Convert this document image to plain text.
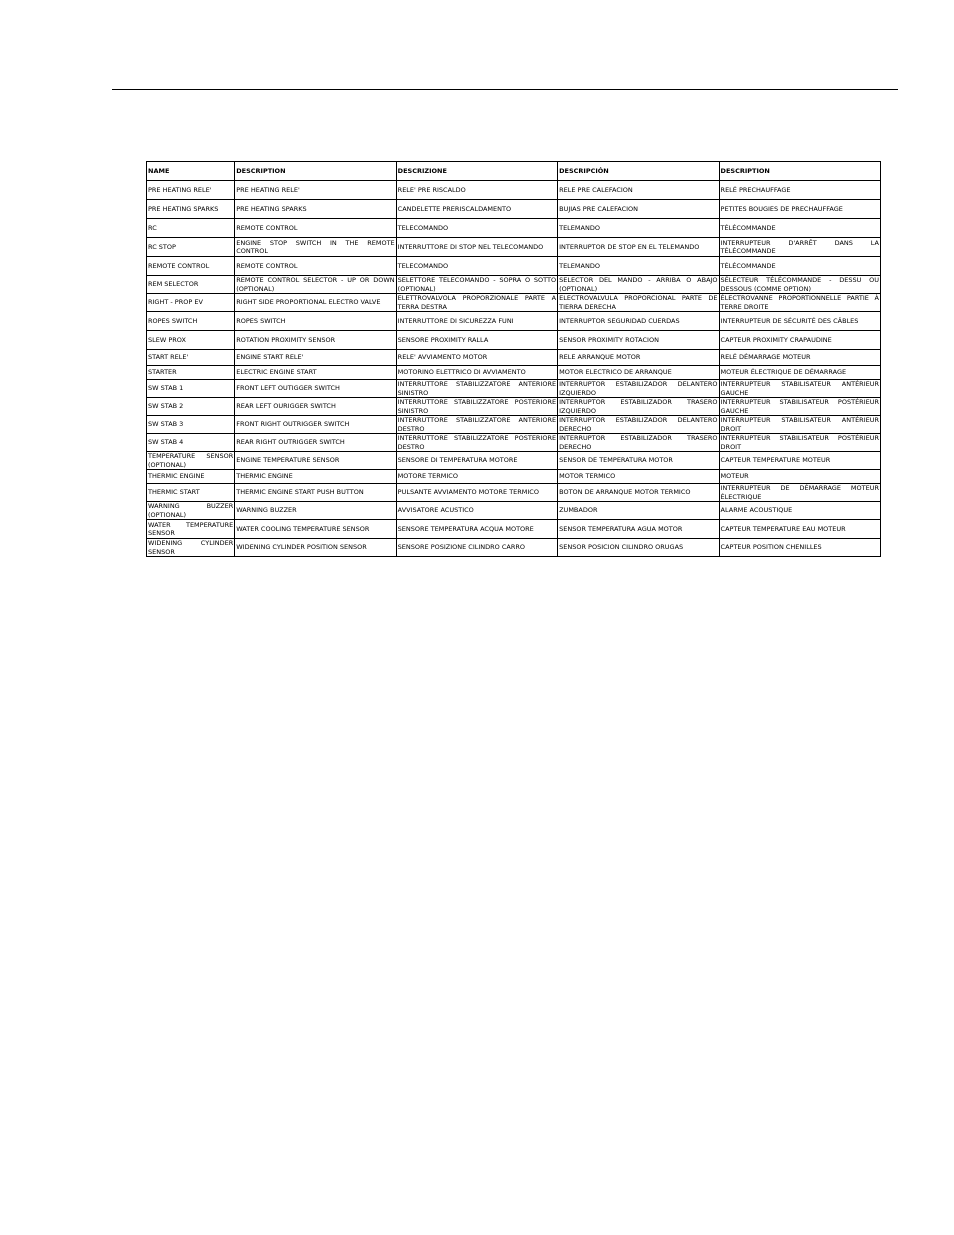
NAME	DESCRIPTION	DESCRIZIONE	DESCRIPCIÓN	DESCRIPTION
PRE HEATING RELE'	PRE HEATING RELE'	RELE' PRE RISCALDO	RELE PRE CALEFACION	RELÉ PRECHAUFFAGE
PRE HEATING SPARKS	PRE HEATING SPARKS	CANDELETTE PRERISCALDAMENTO	BUJIAS PRE CALEFACION	PETITES BOUGIES DE PRECHAUFFAGE
RC	REMOTE CONTROL	TELECOMANDO	TELEMANDO	TÉLÉCOMMANDE
RC STOP	ENGINE STOP SWITCH IN THE REMOTE CONTROL	INTERRUTTORE DI STOP NEL TELECOMANDO	INTERRUPTOR DE STOP EN EL TELEMANDO	INTERRUPTEUR D'ARRÊT DANS LA TÉLÉCOMMANDE
REMOTE CONTROL	REMOTE CONTROL	TELECOMANDO	TELEMANDO	TÉLÉCOMMANDE
REM SELECTOR	REMOTE CONTROL SELECTOR - UP OR DOWN (OPTIONAL)	SELETTORE TELECOMANDO - SOPRA O SOTTO (OPTIONAL)	SELECTOR DEL MANDO - ARRIBA O ABAJO (OPTIONAL)	SÉLECTEUR TÉLÉCOMMANDE - DESSU OU DESSOUS (COMME OPTION)
RIGHT - PROP EV	RIGHT SIDE PROPORTIONAL ELECTRO VALVE	ELETTROVALVOLA PROPORZIONALE PARTE A TERRA DESTRA	ELECTROVALVULA PROPORCIONAL PARTE DE TIERRA DERECHA	ÉLECTROVANNE PROPORTIONNELLE PARTIE À TERRE DROITE
ROPES SWITCH	ROPES SWITCH	INTERRUTTORE DI SICUREZZA FUNI	INTERRUPTOR SEGURIDAD CUERDAS	INTERRUPTEUR DE SÉCURITÉ DES CÂBLES
SLEW PROX	ROTATION PROXIMITY SENSOR	SENSORE PROXIMITY RALLA	SENSOR PROXIMITY ROTACION	CAPTEUR PROXIMITY CRAPAUDINE
START RELE'	ENGINE START RELE'	RELE' AVVIAMENTO MOTOR	RELE ARRANQUE MOTOR	RELÉ DÉMARRAGE MOTEUR
STARTER	ELECTRIC ENGINE START	MOTORINO ELETTRICO DI AVVIAMENTO	MOTOR ELECTRICO DE ARRANQUE	MOTEUR ÉLECTRIQUE DE DÉMARRAGE
SW STAB 1	FRONT LEFT OUTIGGER SWITCH	INTERRUTTORE STABILIZZATORE ANTERIORE SINISTRO	INTERRUPTOR ESTABILIZADOR DELANTERO IZQUIERDO	INTERRUPTEUR STABILISATEUR ANTÉRIEUR GAUCHE
SW STAB 2	REAR LEFT OURIGGER SWITCH	INTERRUTTORE STABILIZZATORE POSTERIORE SINISTRO	INTERRUPTOR ESTABILIZADOR TRASERO IZQUIERDO	INTERRUPTEUR STABILISATEUR POSTÉRIEUR GAUCHE
SW STAB 3	FRONT RIGHT OUTRIGGER SWITCH	INTERRUTTORE STABILIZZATORE ANTERIORE DESTRO	INTERRUPTOR ESTABILIZADOR DELANTERO DERECHO	INTERRUPTEUR STABILISATEUR ANTÉRIEUR DROIT
SW STAB 4	REAR RIGHT OUTRIGGER SWITCH	INTERRUTTORE STABILIZZATORE POSTERIORE DESTRO	INTERRUPTOR ESTABILIZADOR TRASERO DERECHO	INTERRUPTEUR STABILISATEUR POSTÉRIEUR DROIT
TEMPERATURE SENSOR (OPTIONAL)	ENGINE TEMPERATURE SENSOR	SENSORE DI TEMPERATURA MOTORE	SENSOR DE TEMPERATURA MOTOR	CAPTEUR TEMPERATURE MOTEUR
THERMIC ENGINE	THERMIC ENGINE	MOTORE TERMICO	MOTOR TERMICO	MOTEUR
THERMIC START	THERMIC ENGINE START PUSH BUTTON	PULSANTE AVVIAMENTO MOTORE TERMICO	BOTON DE ARRANQUE MOTOR TERMICO	INTERRUPTEUR DE DÉMARRAGE MOTEUR ÉLECTRIQUE
WARNING BUZZER (OPTIONAL)	WARNING BUZZER	AVVISATORE ACUSTICO	ZUMBADOR	ALARME ACOUSTIQUE
WATER TEMPERATURE SENSOR	WATER COOLING TEMPERATURE SENSOR	SENSORE TEMPERATURA ACQUA MOTORE	SENSOR TEMPERATURA AGUA MOTOR	CAPTEUR TEMPERATURE EAU MOTEUR
WIDENING CYLINDER SENSOR	WIDENING CYLINDER POSITION SENSOR	SENSORE POSIZIONE CILINDRO CARRO	SENSOR POSICION CILINDRO ORUGAS	CAPTEUR POSITION CHENILLES
